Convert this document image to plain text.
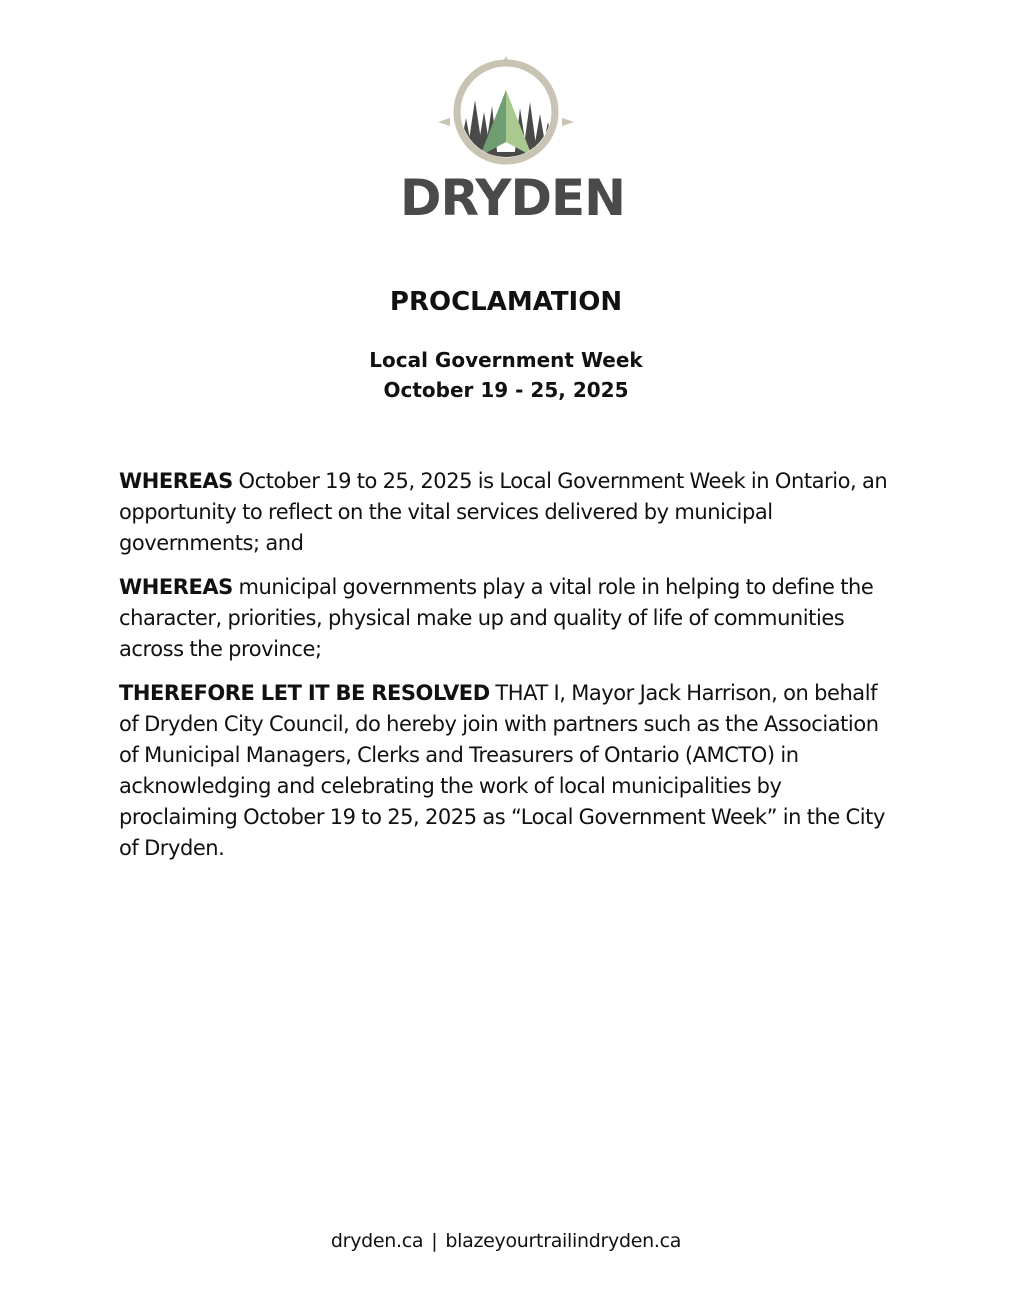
DRYDEN
PROCLAMATION
Local Government Week
October 19 - 25, 2025

WHEREAS October 19 to 25, 2025 is Local Government Week in Ontario, an opportunity to reflect on the vital services delivered by municipal governments; and

WHEREAS municipal governments play a vital role in helping to define the character, priorities, physical make up and quality of life of communities across the province;

THEREFORE LET IT BE RESOLVED THAT I, Mayor Jack Harrison, on behalf of Dryden City Council, do hereby join with partners such as the Association of Municipal Managers, Clerks and Treasurers of Ontario (AMCTO) in acknowledging and celebrating the work of local municipalities by proclaiming October 19 to 25, 2025 as “Local Government Week” in the City of Dryden.

dryden.ca | blazeyourtrailindryden.ca
